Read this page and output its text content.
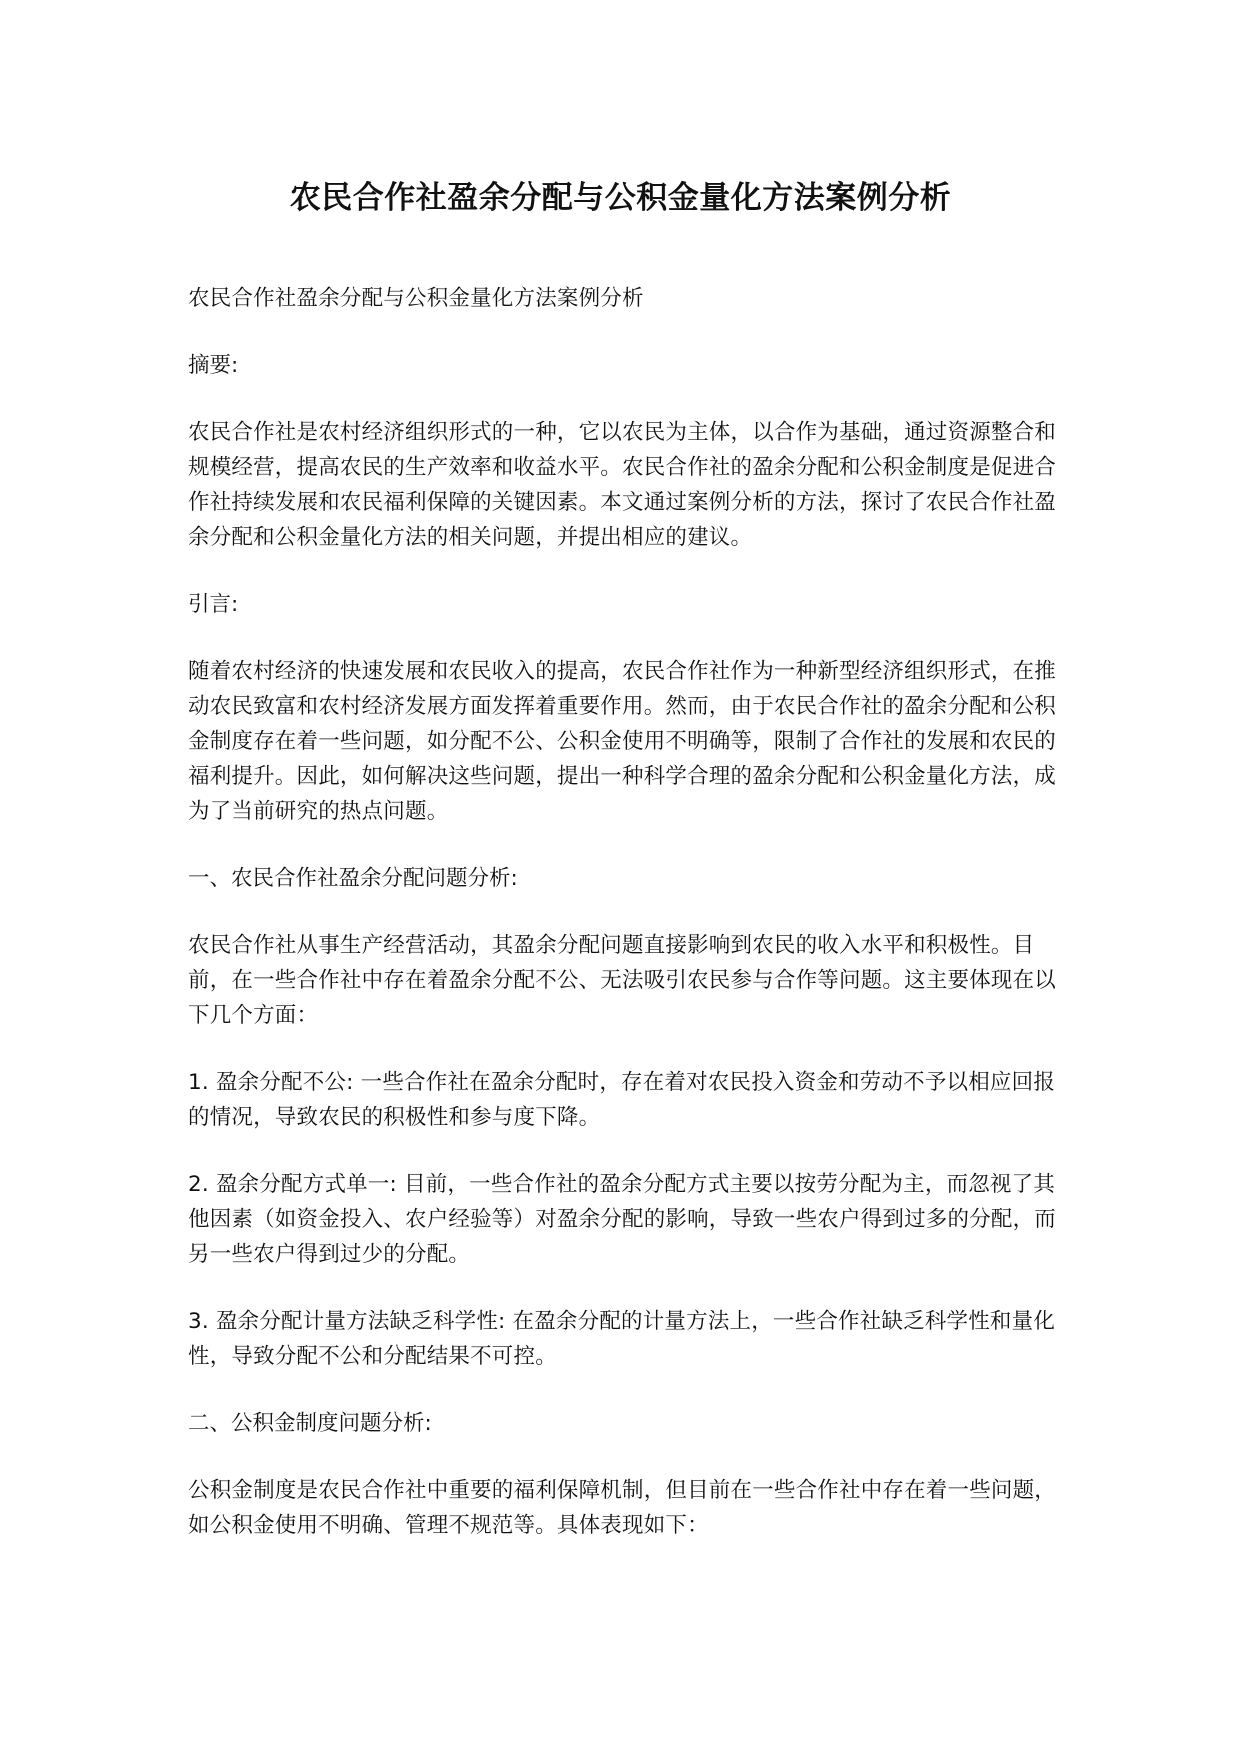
农民合作社盈余分配与公积金量化方法案例分析

农民合作社盈余分配与公积金量化方法案例分析

摘要:

农民合作社是农村经济组织形式的一种，它以农民为主体，以合作为基础，通过资源整合和规模经营，提高农民的生产效率和收益水平。农民合作社的盈余分配和公积金制度是促进合作社持续发展和农民福利保障的关键因素。本文通过案例分析的方法，探讨了农民合作社盈余分配和公积金量化方法的相关问题，并提出相应的建议。

引言:

随着农村经济的快速发展和农民收入的提高，农民合作社作为一种新型经济组织形式，在推动农民致富和农村经济发展方面发挥着重要作用。然而，由于农民合作社的盈余分配和公积金制度存在着一些问题，如分配不公、公积金使用不明确等，限制了合作社的发展和农民的福利提升。因此，如何解决这些问题，提出一种科学合理的盈余分配和公积金量化方法，成为了当前研究的热点问题。

一、农民合作社盈余分配问题分析:

农民合作社从事生产经营活动，其盈余分配问题直接影响到农民的收入水平和积极性。目前，在一些合作社中存在着盈余分配不公、无法吸引农民参与合作等问题。这主要体现在以下几个方面：

1. 盈余分配不公: 一些合作社在盈余分配时，存在着对农民投入资金和劳动不予以相应回报的情况，导致农民的积极性和参与度下降。

2. 盈余分配方式单一: 目前，一些合作社的盈余分配方式主要以按劳分配为主，而忽视了其他因素（如资金投入、农户经验等）对盈余分配的影响，导致一些农户得到过多的分配，而另一些农户得到过少的分配。

3. 盈余分配计量方法缺乏科学性: 在盈余分配的计量方法上，一些合作社缺乏科学性和量化性，导致分配不公和分配结果不可控。

二、公积金制度问题分析:

公积金制度是农民合作社中重要的福利保障机制，但目前在一些合作社中存在着一些问题，如公积金使用不明确、管理不规范等。具体表现如下：
